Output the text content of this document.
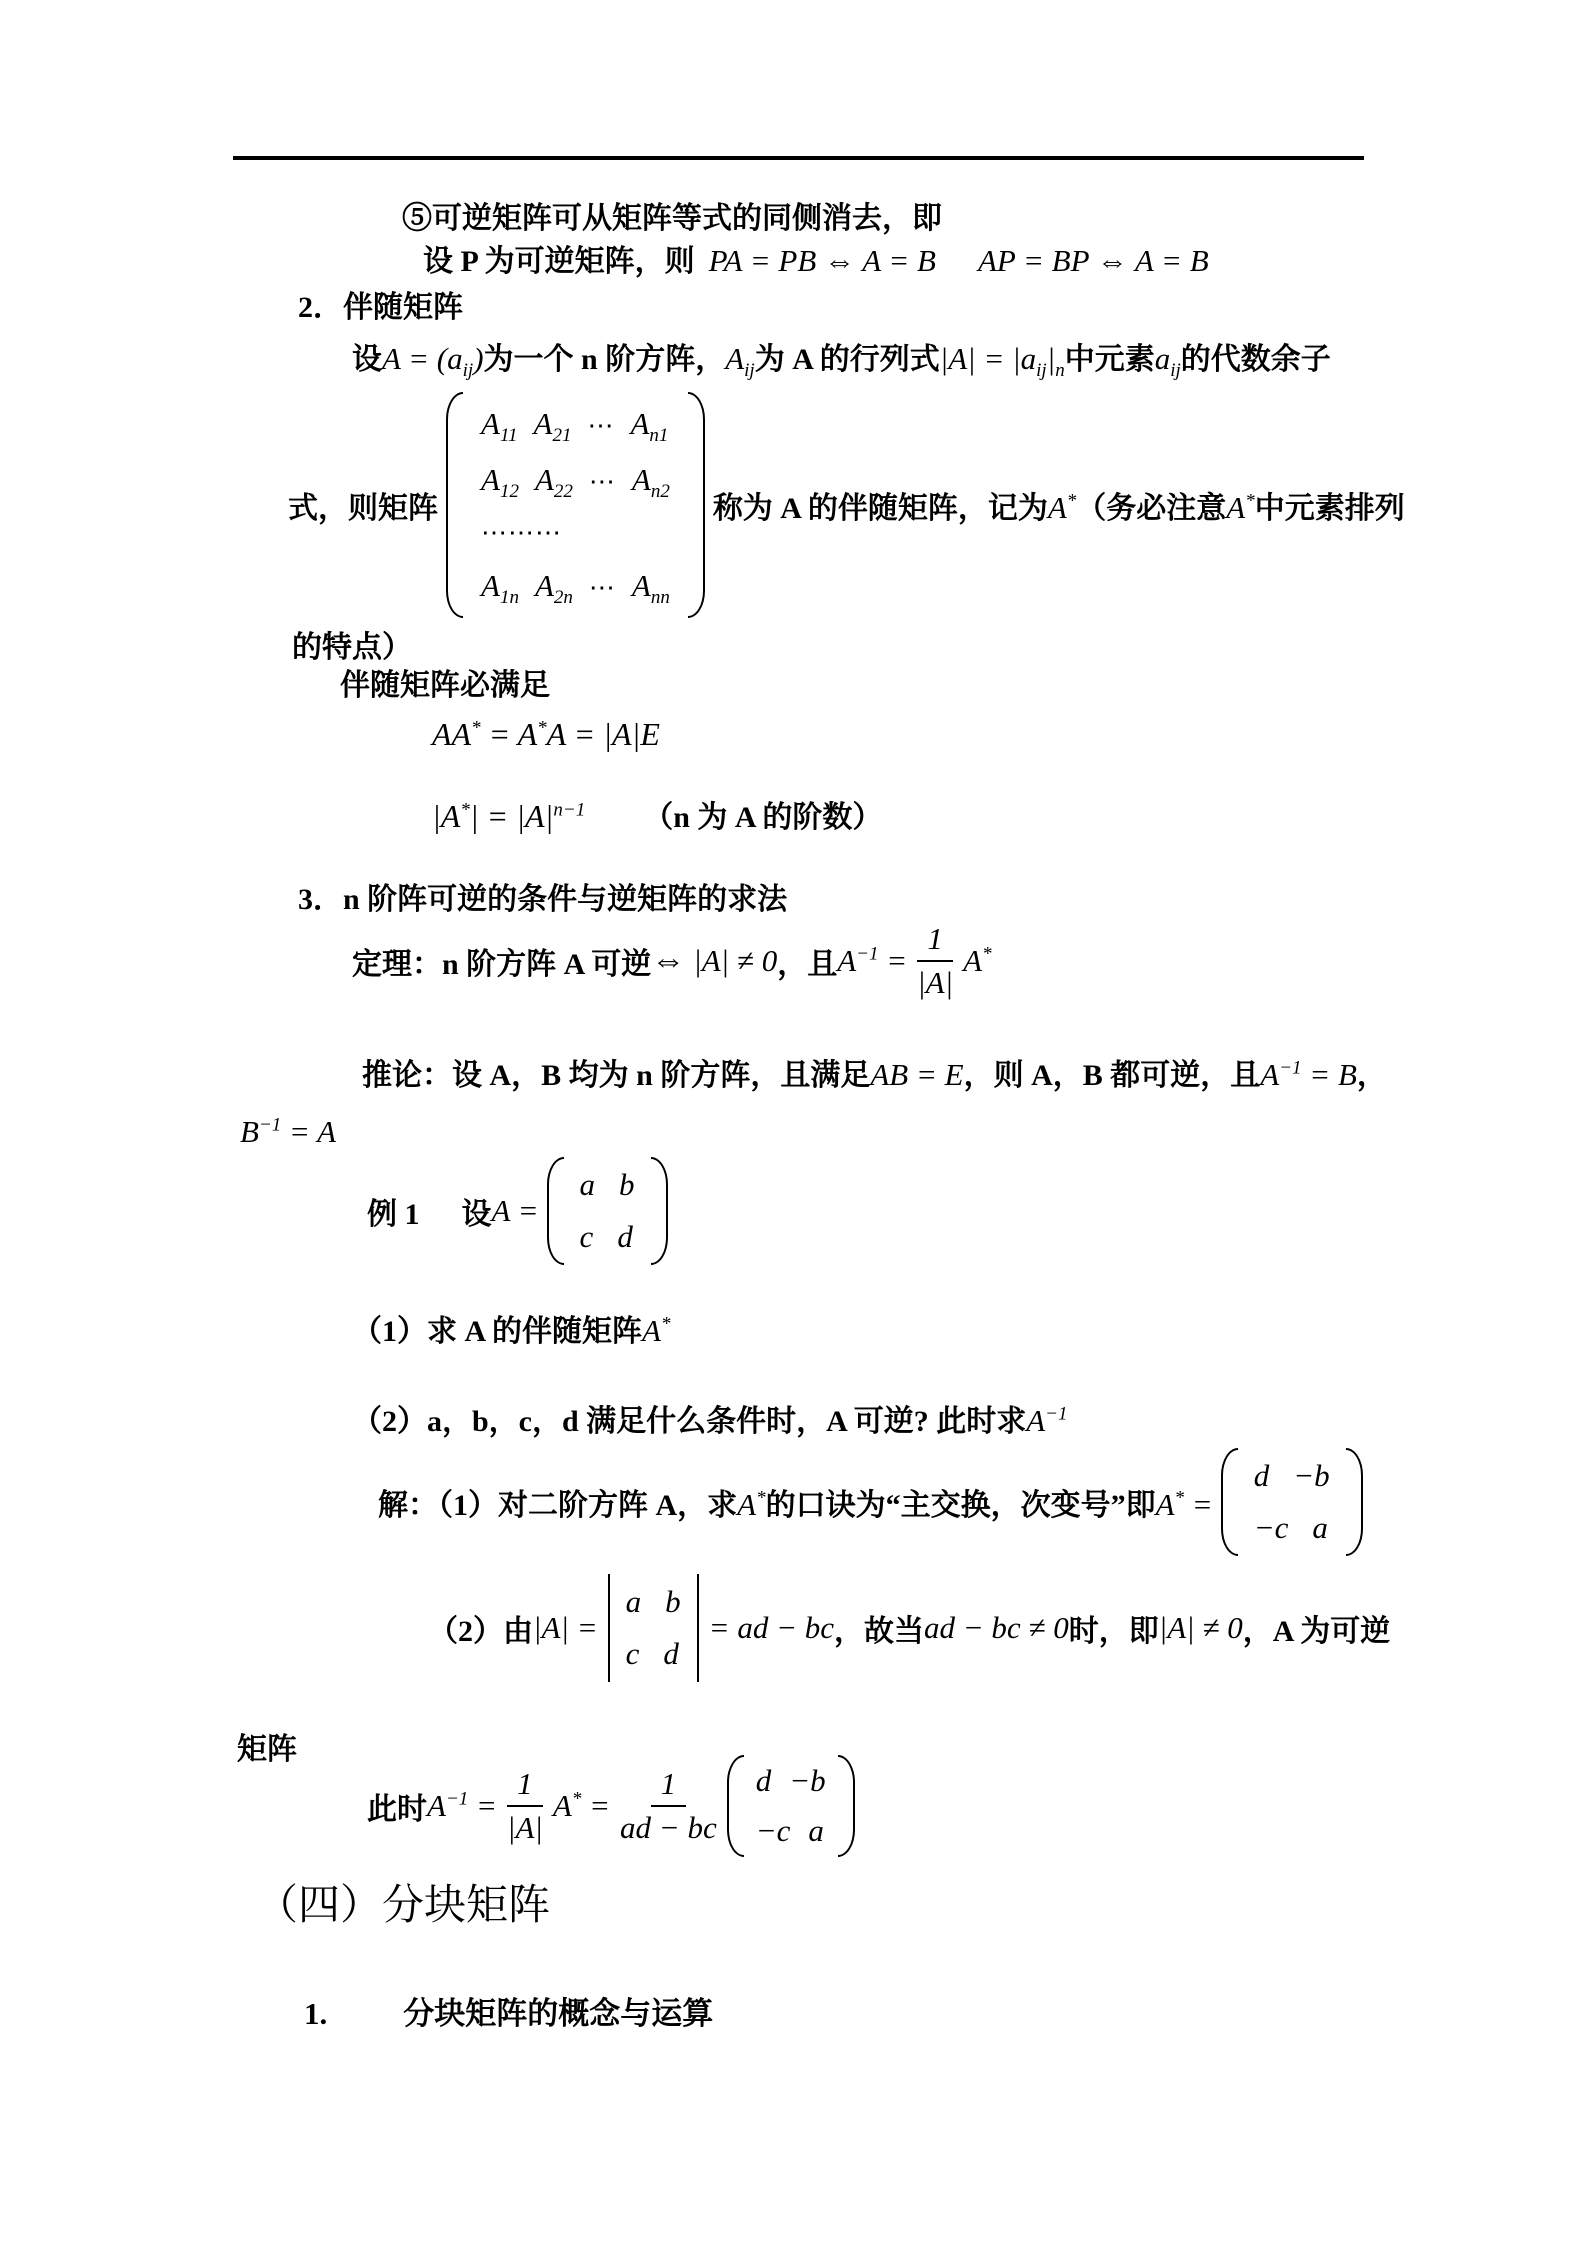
⑤可逆矩阵可从矩阵等式的同侧消去，即
设 P 为可逆矩阵，则 PA = PB ⇔ A = B AP = BP ⇔ A = B
2．伴随矩阵
设 $A = (a_{ij})$ 为一个 n 阶方阵， $A_{ij}$ 为 A 的行列式 $|A| = |a_{ij}|_n$ 中元素 $a_{ij}$ 的代数余子
式，则矩阵
$A_{11}$ $A_{21}$ ⋯ $A_{n1}$
$A_{12}$ $A_{22}$ ⋯ $A_{n2}$
⋯⋯⋯
$A_{1n}$ $A_{2n}$ ⋯ $A_{nn}$
称为 A 的伴随矩阵，记为 A* （务必注意 A* 中元素排列
的特点）
伴随矩阵必满足
AA* = A*A = |A|E
$|A^*| = |A|^{n-1}$ （n 为 A 的阶数）
3．n 阶阵可逆的条件与逆矩阵的求法
定理：n 阶方阵 A 可逆 ⇔ |A| ≠ 0 ，且 $A^{-1} = \frac{1}{|A|} A^*$
推论：设 A，B 均为 n 阶方阵，且满足 AB = E ，则 A，B 都可逆，且 $A^{-1} = B$ ，
$B^{-1} = A$
例 1 设 A =
a b
c d
（1）求 A 的伴随矩阵 A*
（2）a，b，c，d 满足什么条件时，A 可逆? 此时求 $A^{-1}$
解：（1）对二阶方阵 A，求 A* 的口诀为“主交换，次变号”即 A* =
d −b
−c a
（2）由 |A| =
a b
c d
= ad − bc ，故当 ad − bc ≠ 0 时，即 |A| ≠ 0 ，A 为可逆
矩阵
此时 $A^{-1} = \frac{1}{|A|} A^* = \frac{1}{ad - bc}$ d −b
−c a
（四）分块矩阵
1. 分块矩阵的概念与运算
